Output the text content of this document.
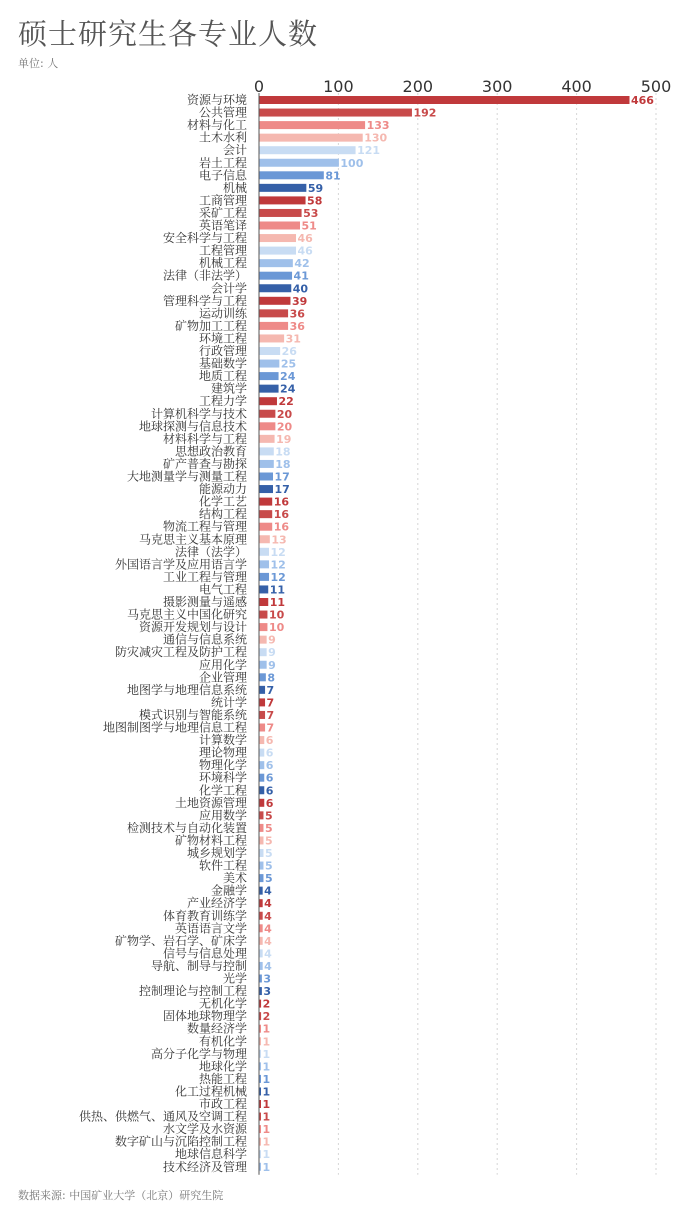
硕士研究生各专业人数
单位: 人
0	100	200	300	400	500
资源与环境	466
公共管理	192
材料与化工	133
土木水利	130
会计	121
岩土工程	100
电子信息	81
机械	59
工商管理	58
采矿工程	53
英语笔译	51
安全科学与工程	46
工程管理	46
机械工程	42
法律（非法学）	41
会计学	40
管理科学与工程	39
运动训练	36
矿物加工工程	36
环境工程	31
行政管理	26
基础数学	25
地质工程	24
建筑学	24
工程力学	22
计算机科学与技术	20
地球探测与信息技术	20
材料科学与工程	19
思想政治教育	18
矿产普查与勘探	18
大地测量学与测量工程 17
能源动力 17
化学工艺 16
结构工程 16
物流工程与管理 16
马克思主义基本原理 13
法律（法学） 12
外国语言学及应用语言学 12
工业工程与管理 12
电气工程 11
摄影测量与遥感 11
马克思主义中国化研究 10
资源开发规划与设计 10
通信与信息系统 9
防灾减灾工程及防护工程 9
应用化学 9
企业管理 8
地图学与地理信息系统 7
统计学 7
模式识别与智能系统 7
地图制图学与地理信息工程 7
计算数学 6
理论物理 6
物理化学 6
环境科学 6
化学工程 6
土地资源管理 6
应用数学 5
检测技术与自动化装置 5
矿物材料工程 5
城乡规划学 5
软件工程 5
美术 5
金融学 4
产业经济学 4
体育教育训练学 4
英语语言文学 4
矿物学、岩石学、矿床学 4
信号与信息处理 4
导航、制导与控制 4
光学 3
控制理论与控制工程 3
无机化学 2
固体地球物理学 2
数量经济学 1
有机化学 1
高分子化学与物理 1
地球化学 1
热能工程 1
化工过程机械 1
市政工程 1
供热、供燃气、通风及空调工程 1
水文学及水资源 1
数字矿山与沉陷控制工程 1
地球信息科学 1
技术经济及管理 1
数据来源: 中国矿业大学（北京）研究生院
